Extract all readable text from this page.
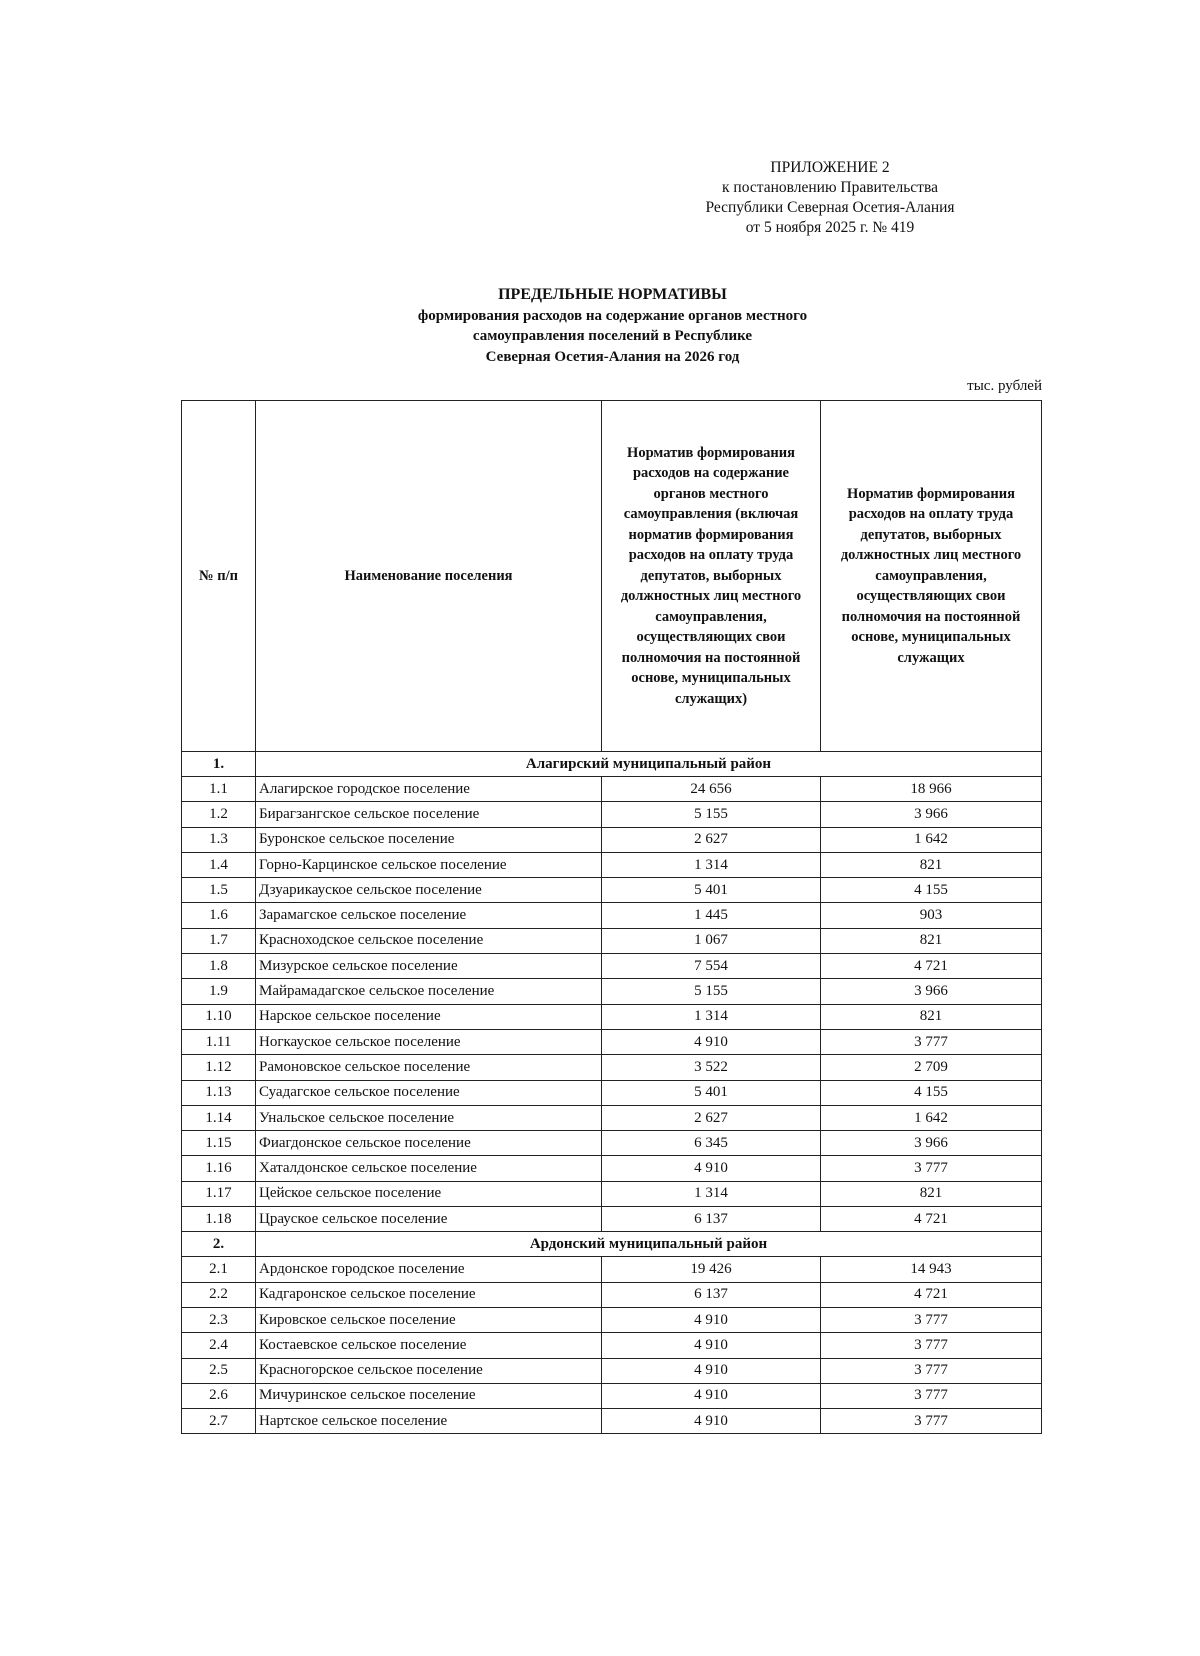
ПРИЛОЖЕНИЕ 2
к постановлению Правительства
Республики Северная Осетия-Алания
от 5 ноября 2025 г. № 419
ПРЕДЕЛЬНЫЕ НОРМАТИВЫ
формирования расходов на содержание органов местного
самоуправления поселений в Республике
Северная Осетия-Алания на 2026 год
тыс. рублей
№ п/п	Наименование поселения	Норматив формирования расходов на содержание органов местного самоуправления (включая норматив формирования расходов на оплату труда депутатов, выборных должностных лиц местного самоуправления, осуществляющих свои полномочия на постоянной основе, муниципальных служащих)	Норматив формирования расходов на оплату труда депутатов, выборных должностных лиц местного самоуправления, осуществляющих свои полномочия на постоянной основе, муниципальных служащих
1.	Алагирский муниципальный район		
1.1	Алагирское городское поселение	24 656	18 966
1.2	Бирагзангское сельское поселение	5 155	3 966
1.3	Буронское сельское поселение	2 627	1 642
1.4	Горно-Карцинское сельское поселение	1 314	821
1.5	Дзуарикауское сельское поселение	5 401	4 155
1.6	Зарамагское сельское поселение	1 445	903
1.7	Красноходское сельское поселение	1 067	821
1.8	Мизурское сельское поселение	7 554	4 721
1.9	Майрамадагское сельское поселение	5 155	3 966
1.10	Нарское сельское поселение	1 314	821
1.11	Ногкауское сельское поселение	4 910	3 777
1.12	Рамоновское сельское поселение	3 522	2 709
1.13	Суадагское сельское поселение	5 401	4 155
1.14	Унальское сельское поселение	2 627	1 642
1.15	Фиагдонское сельское поселение	6 345	3 966
1.16	Хаталдонское сельское поселение	4 910	3 777
1.17	Цейское сельское поселение	1 314	821
1.18	Црауское сельское поселение	6 137	4 721
2.	Ардонский муниципальный район		
2.1	Ардонское городское поселение	19 426	14 943
2.2	Кадгаронское сельское поселение	6 137	4 721
2.3	Кировское сельское поселение	4 910	3 777
2.4	Костаевское сельское поселение	4 910	3 777
2.5	Красногорское сельское поселение	4 910	3 777
2.6	Мичуринское сельское поселение	4 910	3 777
2.7	Нартское сельское поселение	4 910	3 777
